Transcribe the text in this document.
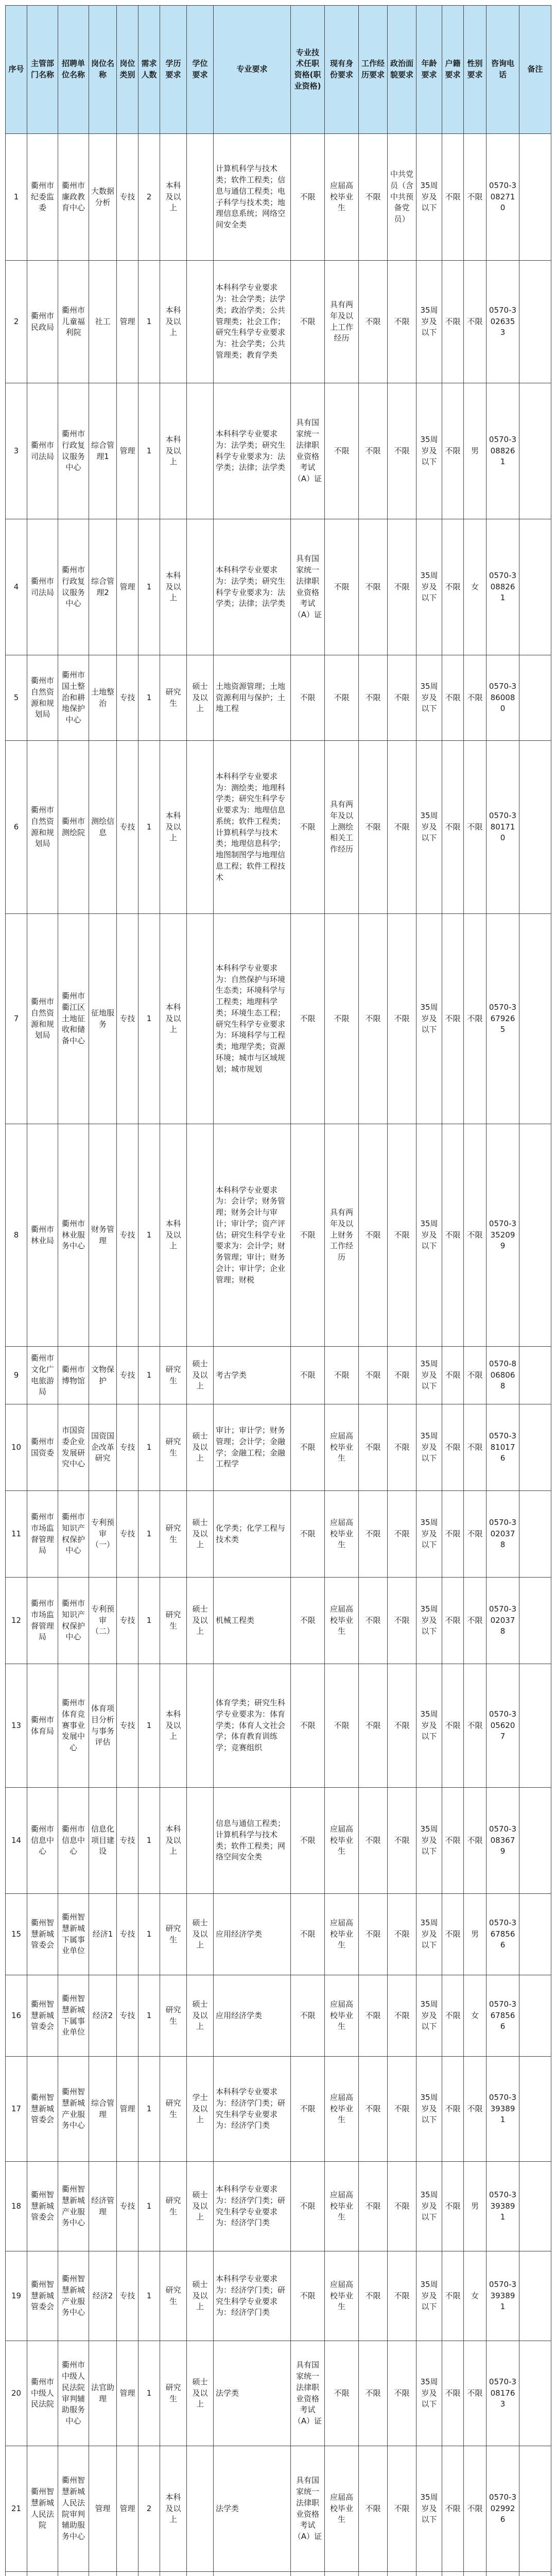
序号	主管部门名称	招聘单位名称	岗位名称	岗位类别	需求人数	学历要求	学位要求	专业要求	专业技术任职资格(职业资格)	现有身份要求	工作经历要求	政治面貌要求	年龄要求	户籍要求	性别要求	咨询电话	备注
1	衢州市纪委监委	衢州市廉政教育中心	大数据分析	专技	2	本科及以上		计算机科学与技术类；软件工程类；信息与通信工程类；电子科学与技术类；地理信息系统；网络空间安全类	不限	应届高校毕业生	不限	中共党员（含中共预备党员）	35周岁及以下	不限	不限	0570-3082710	
2	衢州市民政局	衢州市儿童福利院	社工	管理	1	本科及以上		本科科学专业要求为：社会学类；法学类；政治学类；公共管理类；社会工作；研究生科学专业要求为：社会学类；公共管理类；教育学类	不限	具有两年及以上工作经历	不限	不限	35周岁及以下	不限	不限	0570-3026353	
3	衢州市司法局	衢州市行政复议服务中心	综合管理1	管理	1	本科及以上		本科科学专业要求为：法学类；研究生科学专业要求为：法学类；法律；法学类	具有国家统一法律职业资格考试（A）证	不限	不限	不限	35周岁及以下	不限	男	0570-3088261	
4	衢州市司法局	衢州市行政复议服务中心	综合管理2	管理	1	本科及以上		本科科学专业要求为：法学类；研究生科学专业要求为：法学类；法律；法学类	具有国家统一法律职业资格考试（A）证	不限	不限	不限	35周岁及以下	不限	女	0570-3088261	
5	衢州市自然资源和规划局	衢州市国土整治和耕地保护中心	土地整治	专技	1	研究生	硕士及以上	土地资源管理；土地资源利用与保护；土地工程	不限	不限	不限	不限	35周岁及以下	不限	不限	0570-3860080	
6	衢州市自然资源和规划局	衢州市测绘院	测绘信息	专技	1	本科及以上		本科科学专业要求为：测绘类；地理科学类；研究生科学专业要求为：地理信息系统；软件工程类；计算机科学与技术类；地理信息科学；地图制图学与地理信息工程；软件工程技术	不限	具有两年及以上测绘相关工作经历	不限	不限	35周岁及以下	不限	不限	0570-3801710	
7	衢州市自然资源和规划局	衢州市衢江区土地征收和储备中心	征地服务	专技	1	本科及以上		本科科学专业要求为：自然保护与环境生态类；环境科学与工程类；地理科学类；环境生态工程；研究生科学专业要求为：环境科学与工程类；地理学类；资源环境；城市与区域规划；城市规划	不限	不限	不限	不限	35周岁及以下	不限	不限	0570-3679265	
8	衢州市林业局	衢州市林业服务中心	财务管理	专技	1	本科及以上		本科科学专业要求为：会计学；财务管理；财务会计与审计；审计学；资产评估；研究生科学专业要求为：会计学；财务管理；审计；财务会计；审计学；企业管理；财税	不限	具有两年及以上财务工作经历	不限	不限	35周岁及以下	不限	不限	0570-3352099	
9	衢州市文化广电旅游局	衢州市博物馆	文物保护	专技	1	研究生	硕士及以上	考古学类	不限	不限	不限	不限	35周岁及以下	不限	不限	0570-8068068	
10	衢州市国资委	市国资委企业发展研究中心	国资国企改革研究	专技	1	研究生	硕士及以上	审计；审计学；财务管理；会计学；金融学；金融工程；金融工程学	不限	应届高校毕业生	不限	不限	35周岁及以下	不限	不限	0570-3810176	
11	衢州市市场监督管理局	衢州市知识产权保护中心	专利预审（一）	专技	1	研究生	硕士及以上	化学类；化学工程与技术类	不限	应届高校毕业生	不限	不限	35周岁及以下	不限	不限	0570-3020378	
12	衢州市市场监督管理局	衢州市知识产权保护中心	专利预审（二）	专技	1	研究生	硕士及以上	机械工程类	不限	应届高校毕业生	不限	不限	35周岁及以下	不限	不限	0570-3020378	
13	衢州市体育局	衢州市体育竞赛事业发展中心	体育项目分析与事务评估	专技	1	本科及以上		体育学类；研究生科学专业要求为：体育学类；体育人文社会学；体育教育训练学；竞赛组织	不限	不限	不限	不限	35周岁及以下	不限	不限	0570-3056207	
14	衢州市信息中心	衢州市信息中心	信息化项目建设	专技	1	本科及以上		信息与通信工程类；计算机科学与技术类；软件工程类；网络空间安全类	不限	应届高校毕业生	不限	不限	35周岁及以下	不限	不限	0570-3083679	
15	衢州智慧新城管委会	衢州智慧新城下属事业单位	经济1	专技	1	研究生	硕士及以上	应用经济学类	不限	应届高校毕业生	不限	不限	35周岁及以下	不限	男	0570-3678566	
16	衢州智慧新城管委会	衢州智慧新城下属事业单位	经济2	专技	1	研究生	硕士及以上	应用经济学类	不限	应届高校毕业生	不限	不限	35周岁及以下	不限	女	0570-3678566	
17	衢州智慧新城管委会	衢州智慧新城产业服务中心	综合管理	管理	1	研究生	学士及以上	本科科学专业要求为：经济学门类；研究生科学专业要求为：经济学门类	不限	应届高校毕业生	不限	不限	35周岁及以下	不限	不限	0570-3393891	
18	衢州智慧新城管委会	衢州智慧新城产业服务中心	经济管理	专技	1	研究生	硕士及以上	本科科学专业要求为：经济学门类；研究生科学专业要求为：经济学门类	不限	应届高校毕业生	不限	不限	35周岁及以下	不限	男	0570-3393891	
19	衢州智慧新城管委会	衢州智慧新城产业服务中心	经济2	专技	1	研究生	硕士及以上	本科科学专业要求为：经济学门类；研究生科学专业要求为：经济学门类	不限	应届高校毕业生	不限	不限	35周岁及以下	不限	女	0570-3393891	
20	衢州市中级人民法院	衢州市中级人民法院审判辅助服务中心	法官助理	管理	1	研究生	硕士及以上	法学类	具有国家统一法律职业资格考试（A）证	不限	不限	不限	35周岁及以下	不限	不限	0570-3081763	
21	衢州智慧新城人民法院	衢州智慧新城人民法院审判辅助服务中心	管理	管理	2	本科及以上		法学类	具有国家统一法律职业资格考试（A）证	应届高校毕业生	不限	不限	35周岁及以下	不限	不限	0570-3029926	
